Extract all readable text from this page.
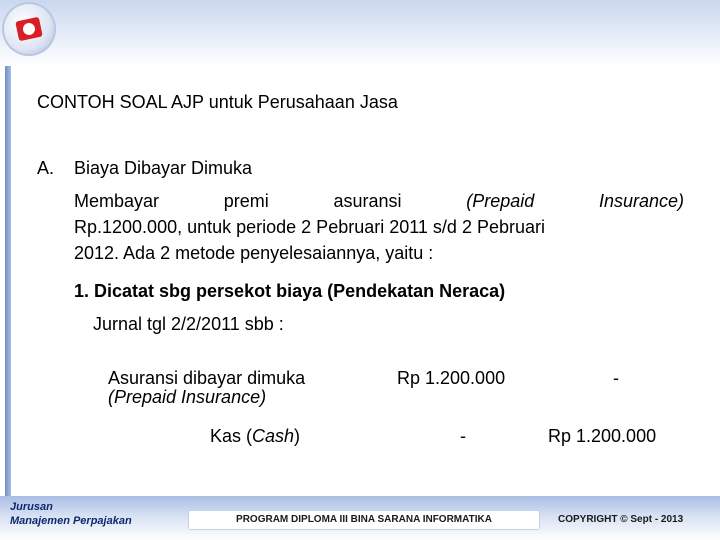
CONTOH SOAL AJP untuk Perusahaan Jasa
A. Biaya Dibayar Dimuka
Membayar	premi	asuransi	(Prepaid	Insurance)
Rp.1200.000, untuk periode 2 Pebruari 2011 s/d 2 Pebruari
2012. Ada 2 metode penyelesaiannya, yaitu :
1. Dicatat sbg persekot biaya (Pendekatan Neraca)
Jurnal tgl 2/2/2011 sbb :
Asuransi dibayar dimuka
(Prepaid Insurance)
Rp 1.200.000	-
Kas (Cash)	-	Rp 1.200.000
Jurusan
Manajemen Perpajakan	PROGRAM DIPLOMA III BINA SARANA INFORMATIKA	COPYRIGHT © Sept - 2013
